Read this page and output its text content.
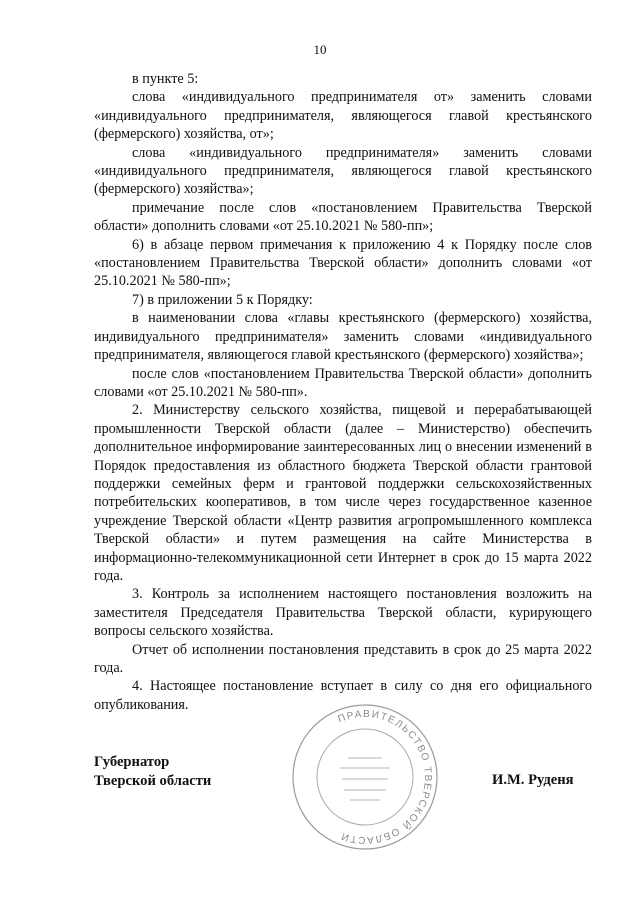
10

в пункте 5:

слова «индивидуального предпринимателя от» заменить словами «индивидуального предпринимателя, являющегося главой крестьянского (фермерского) хозяйства, от»;

слова «индивидуального предпринимателя» заменить словами «индивидуального предпринимателя, являющегося главой крестьянского (фермерского) хозяйства»;

примечание после слов «постановлением Правительства Тверской области» дополнить словами «от 25.10.2021 № 580-пп»;

6) в абзаце первом примечания к приложению 4 к Порядку после слов «постановлением Правительства Тверской области» дополнить словами «от 25.10.2021 № 580-пп»;

7) в приложении 5 к Порядку:

в наименовании слова «главы крестьянского (фермерского) хозяйства, индивидуального предпринимателя» заменить словами «индивидуального предпринимателя, являющегося главой крестьянского (фермерского) хозяйства»;

после слов «постановлением Правительства Тверской области» дополнить словами «от 25.10.2021 № 580-пп».

2. Министерству сельского хозяйства, пищевой и перерабатывающей промышленности Тверской области (далее – Министерство) обеспечить дополнительное информирование заинтересованных лиц о внесении изменений в Порядок предоставления из областного бюджета Тверской области грантовой поддержки семейных ферм и грантовой поддержки сельскохозяйственных потребительских кооперативов, в том числе через государственное казенное учреждение Тверской области «Центр развития агропромышленного комплекса Тверской области» и путем размещения на сайте Министерства в информационно-телекоммуникационной сети Интернет в срок до 15 марта 2022 года.

3. Контроль за исполнением настоящего постановления возложить на заместителя Председателя Правительства Тверской области, курирующего вопросы сельского хозяйства.

Отчет об исполнении постановления представить в срок до 25 марта 2022 года.

4. Настоящее постановление вступает в силу со дня его официального опубликования.

Губернатор
Тверской области
ПРАВИТЕЛЬСТВО ТВЕРСКОЙ ОБЛАСТИ
И.М. Руденя
